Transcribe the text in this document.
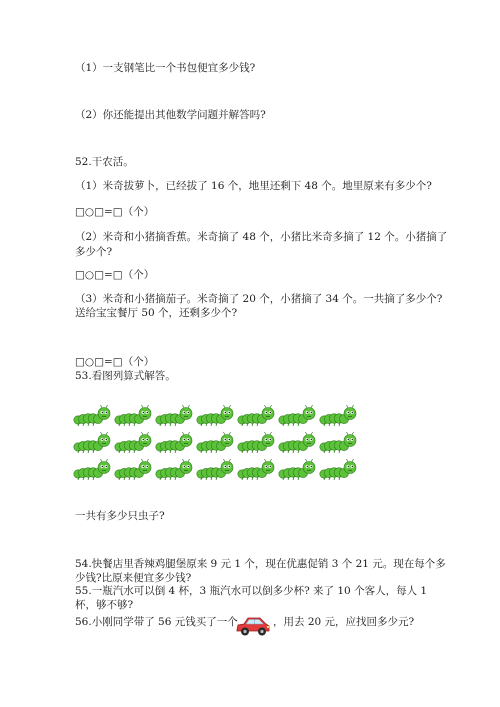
（1）一支钢笔比一个书包便宜多少钱?
（2）你还能提出其他数学问题并解答吗?
52.干农活。
（1）米奇拔萝卜，已经拔了 16 个，地里还剩下 48 个。地里原来有多少个?
□○□=□（个）
（2）米奇和小猪摘香蕉。米奇摘了 48 个，小猪比米奇多摘了 12 个。小猪摘了
多少个?
□○□=□（个）
（3）米奇和小猪摘茄子。米奇摘了 20 个，小猪摘了 34 个。一共摘了多少个?
送给宝宝餐厅 50 个，还剩多少个?
□○□=□（个）
53.看图列算式解答。
一共有多少只虫子?
54.快餐店里香辣鸡腿堡原来 9 元 1 个，现在优惠促销 3 个 21 元。现在每个多
少钱?比原来便宜多少钱?
55.一瓶汽水可以倒 4 杯，3 瓶汽水可以倒多少杯? 来了 10 个客人，每人 1
杯，够不够?
56.小刚同学带了 56 元钱买了一个	，用去 20 元，应找回多少元?
